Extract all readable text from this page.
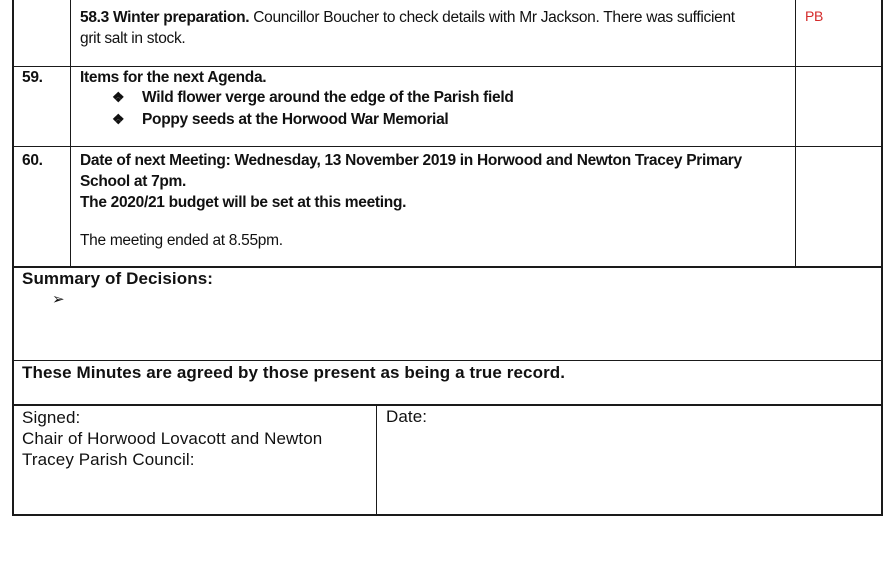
58.3 Winter preparation. Councillor Boucher to check details with Mr Jackson. There was sufficient
grit salt in stock.
PB
59. Items for the next Agenda.
❖ Wild flower verge around the edge of the Parish field
❖ Poppy seeds at the Horwood War Memorial
60. Date of next Meeting: Wednesday, 13 November 2019 in Horwood and Newton Tracey Primary
School at 7pm.
The 2020/21 budget will be set at this meeting.
The meeting ended at 8.55pm.
Summary of Decisions:
➢
These Minutes are agreed by those present as being a true record.
Signed:
Chair of Horwood Lovacott and Newton
Tracey Parish Council:
Date:
